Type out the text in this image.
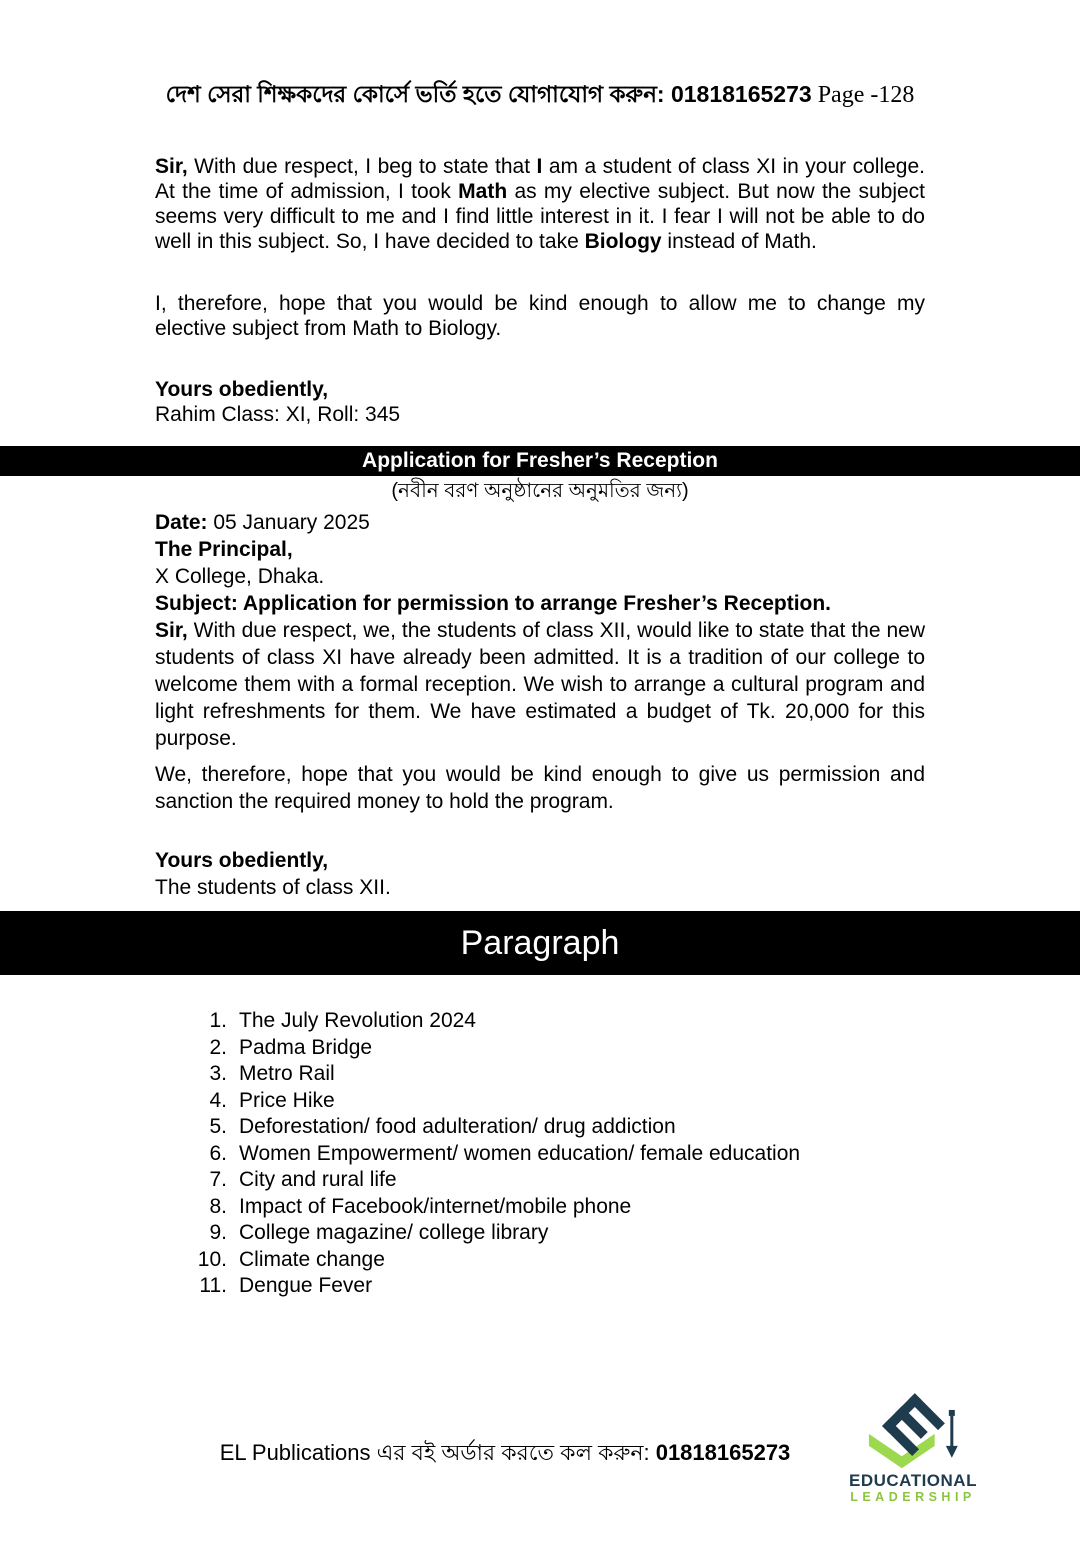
দেশ সেরা শিক্ষকদের কোর্সে ভর্তি হতে যোগাযোগ করুন: 01818165273 Page -128

Sir, With due respect, I beg to state that I am a student of class XI in your college. At the time of admission, I took Math as my elective subject. But now the subject seems very difficult to me and I find little interest in it. I fear I will not be able to do well in this subject. So, I have decided to take Biology instead of Math.

I, therefore, hope that you would be kind enough to allow me to change my elective subject from Math to Biology.

Yours obediently,

Rahim Class: XI, Roll: 345

Application for Fresher’s Reception
(নবীন বরণ অনুষ্ঠানের অনুমতির জন্য)
Date: 05 January 2025
The Principal,
X College, Dhaka.
Subject: Application for permission to arrange Fresher’s Reception.

Sir, With due respect, we, the students of class XII, would like to state that the new students of class XI have already been admitted. It is a tradition of our college to welcome them with a formal reception. We wish to arrange a cultural program and light refreshments for them. We have estimated a budget of Tk. 20,000 for this purpose.

We, therefore, hope that you would be kind enough to give us permission and sanction the required money to hold the program.

Yours obediently,

The students of class XII.

Paragraph
1. The July Revolution 2024
2. Padma Bridge
3. Metro Rail
4. Price Hike
5. Deforestation/ food adulteration/ drug addiction
6. Women Empowerment/ women education/ female education
7. City and rural life
8. Impact of Facebook/internet/mobile phone
9. College magazine/ college library
10. Climate change
11. Dengue Fever
EL Publications এর বই অর্ডার করতে কল করুন: 01818165273
EDUCATIONAL
LEADERSHIP
